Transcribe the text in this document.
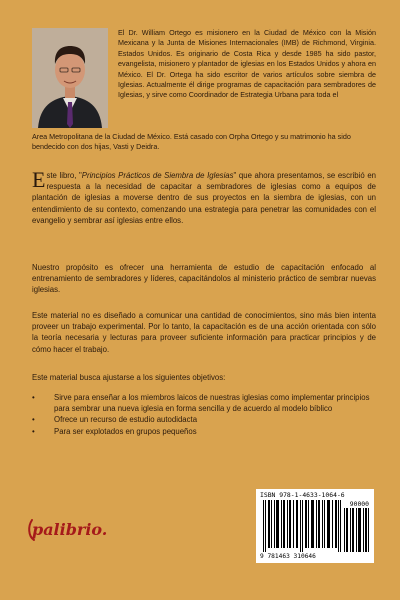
El Dr. William Ortego es misionero en la Ciudad de México con la Misión Mexicana y la Junta de Misiones Internacionales (IMB) de Richmond, Virginia. Estados Unidos. Es originario de Costa Rica y desde 1985 ha sido pastor, evangelista, misionero y plantador de iglesias en los Estados Unidos y ahora en México. El Dr. Ortega ha sido escritor de varios artículos sobre siembra de Iglesias. Actualmente él dirige programas de capacitación para sembradores de Iglesias, y sirve como Coordinador de Estrategia Urbana para toda el

Area Metropolitana de la Ciudad de México. Está casado con Orpha Ortego y su matrimonio ha sido bendecido con dos hijas, Vasti y Deidra.

Este libro, "Principios Prácticos de Siembra de Iglesias" que ahora presentamos, se escribió en respuesta a la necesidad de capacitar a sembradores de iglesias como a equipos de plantación de iglesias a moverse dentro de sus proyectos en la siembra de iglesias, con un entendimiento de su contexto, comenzando una estrategia para penetrar las comunidades con el evangelio y sembrar así iglesias entre ellos.

Nuestro propósito es ofrecer una herramienta de estudio de capacitación enfocado al entrenamiento de sembradores y líderes, capacitándolos al ministerio práctico de sembrar nuevas iglesias.

Este material no es diseñado a comunicar una cantidad de conocimientos, sino más bien intenta proveer un trabajo experimental. Por lo tanto, la capacitación es de una acción orientada con sólo la teoría necesaria y lecturas para proveer suficiente información para practicar principios y de cómo hacer el trabajo.

Este material busca ajustarse a los siguientes objetivos:

• Sirve para enseñar a los miembros laicos de nuestras iglesias como implementar principios para sembrar una nueva iglesia en forma sencilla y de acuerdo al modelo bíblico
• Ofrece un recurso de estudio autodidacta
• Para ser explotados en grupos pequeños
palibrio.
ISBN 978-1-4633-1064-6
90000
9 781463 310646
